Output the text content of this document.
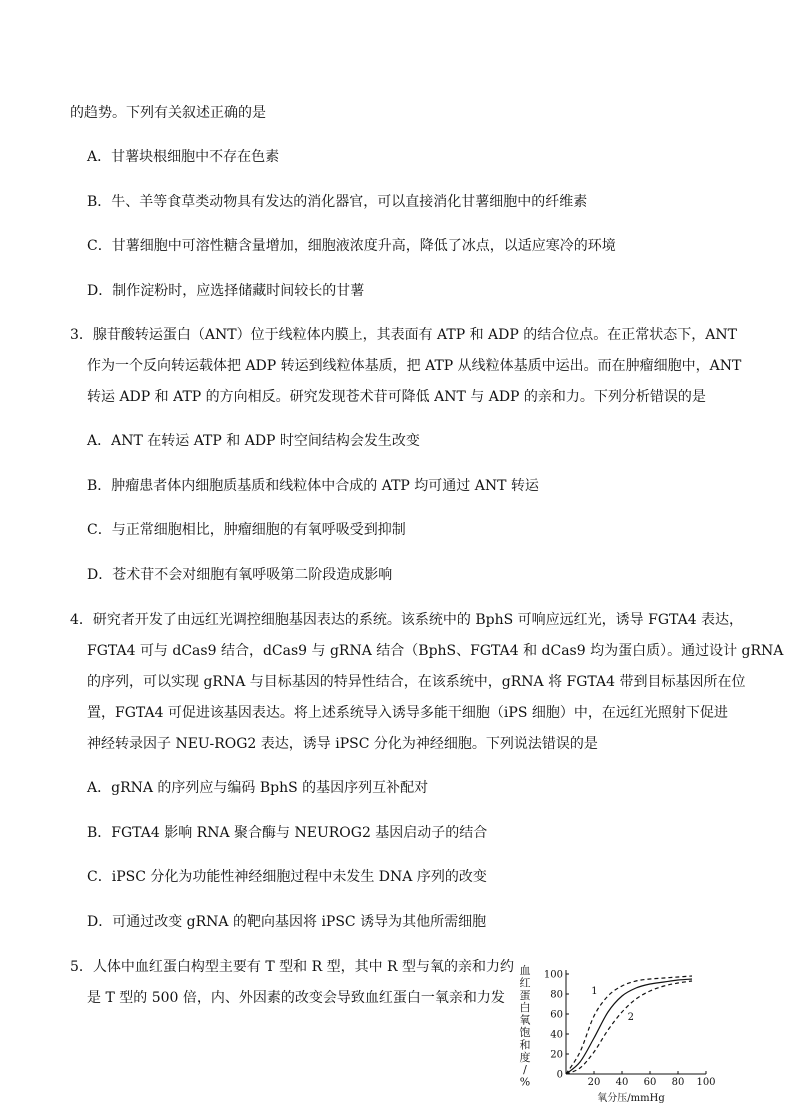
的趋势。下列有关叙述正确的是
A．甘薯块根细胞中不存在色素
B．牛、羊等食草类动物具有发达的消化器官，可以直接消化甘薯细胞中的纤维素
C．甘薯细胞中可溶性糖含量增加，细胞液浓度升高，降低了冰点，以适应寒冷的环境
D．制作淀粉时，应选择储藏时间较长的甘薯
3．腺苷酸转运蛋白（ANT）位于线粒体内膜上，其表面有 ATP 和 ADP 的结合位点。在正常状态下，ANT
作为一个反向转运载体把 ADP 转运到线粒体基质，把 ATP 从线粒体基质中运出。而在肿瘤细胞中，ANT
转运 ADP 和 ATP 的方向相反。研究发现苍术苷可降低 ANT 与 ADP 的亲和力。下列分析错误的是
A．ANT 在转运 ATP 和 ADP 时空间结构会发生改变
B．肿瘤患者体内细胞质基质和线粒体中合成的 ATP 均可通过 ANT 转运
C．与正常细胞相比，肿瘤细胞的有氧呼吸受到抑制
D．苍术苷不会对细胞有氧呼吸第二阶段造成影响
4．研究者开发了由远红光调控细胞基因表达的系统。该系统中的 BphS 可响应远红光，诱导 FGTA4 表达，
FGTA4 可与 dCas9 结合，dCas9 与 gRNA 结合（BphS、FGTA4 和 dCas9 均为蛋白质）。通过设计 gRNA
的序列，可以实现 gRNA 与目标基因的特异性结合，在该系统中，gRNA 将 FGTA4 带到目标基因所在位
置，FGTA4 可促进该基因表达。将上述系统导入诱导多能干细胞（iPS 细胞）中，在远红光照射下促进
神经转录因子 NEU-ROG2 表达，诱导 iPSC 分化为神经细胞。下列说法错误的是
A．gRNA 的序列应与编码 BphS 的基因序列互补配对
B．FGTA4 影响 RNA 聚合酶与 NEUROG2 基因启动子的结合
C．iPSC 分化为功能性神经细胞过程中未发生 DNA 序列的改变
D．可通过改变 gRNA 的靶向基因将 iPSC 诱导为其他所需细胞
5．人体中血红蛋白构型主要有 T 型和 R 型，其中 R 型与氧的亲和力约
是 T 型的 500 倍，内、外因素的改变会导致血红蛋白一氧亲和力发
血
红
蛋
白
氧
饱
和
度
/
%
0
20
40
60
80
100
20 40 60 80 100
1
2
氧分压/mmHg
